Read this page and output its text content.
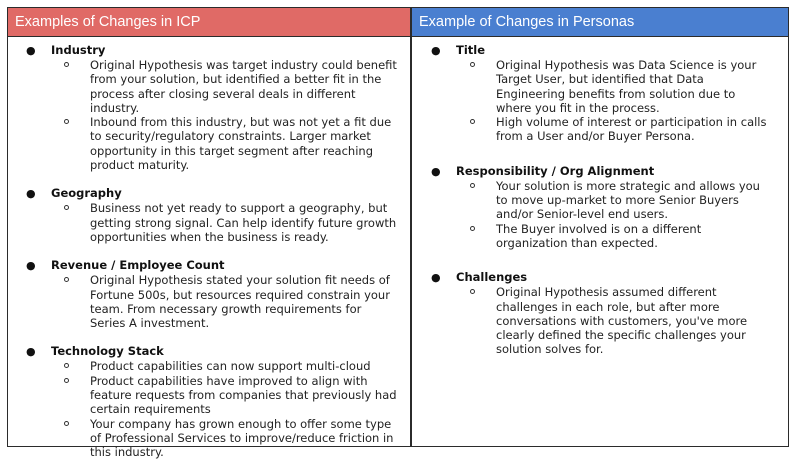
Examples of Changes in ICP
● Industry
Original Hypothesis was target industry could benefit from your solution, but identified a better fit in the process after closing several deals in different industry.
Inbound from this industry, but was not yet a fit due to security/regulatory constraints. Larger market opportunity in this target segment after reaching product maturity.
● Geography
Business not yet ready to support a geography, but getting strong signal. Can help identify future growth opportunities when the business is ready.
● Revenue / Employee Count
Original Hypothesis stated your solution fit needs of Fortune 500s, but resources required constrain your team. From necessary growth requirements for Series A investment.
● Technology Stack
Product capabilities can now support multi-cloud
Product capabilities have improved to align with feature requests from companies that previously had certain requirements
Your company has grown enough to offer some type of Professional Services to improve/reduce friction in this industry.
Example of Changes in Personas
● Title
Original Hypothesis was Data Science is your Target User, but identified that Data Engineering benefits from solution due to where you fit in the process.
High volume of interest or participation in calls from a User and/or Buyer Persona.
● Responsibility / Org Alignment
Your solution is more strategic and allows you to move up-market to more Senior Buyers and/or Senior-level end users.
The Buyer involved is on a different organization than expected.
● Challenges
Original Hypothesis assumed different challenges in each role, but after more conversations with customers, you've more clearly defined the specific challenges your solution solves for.
